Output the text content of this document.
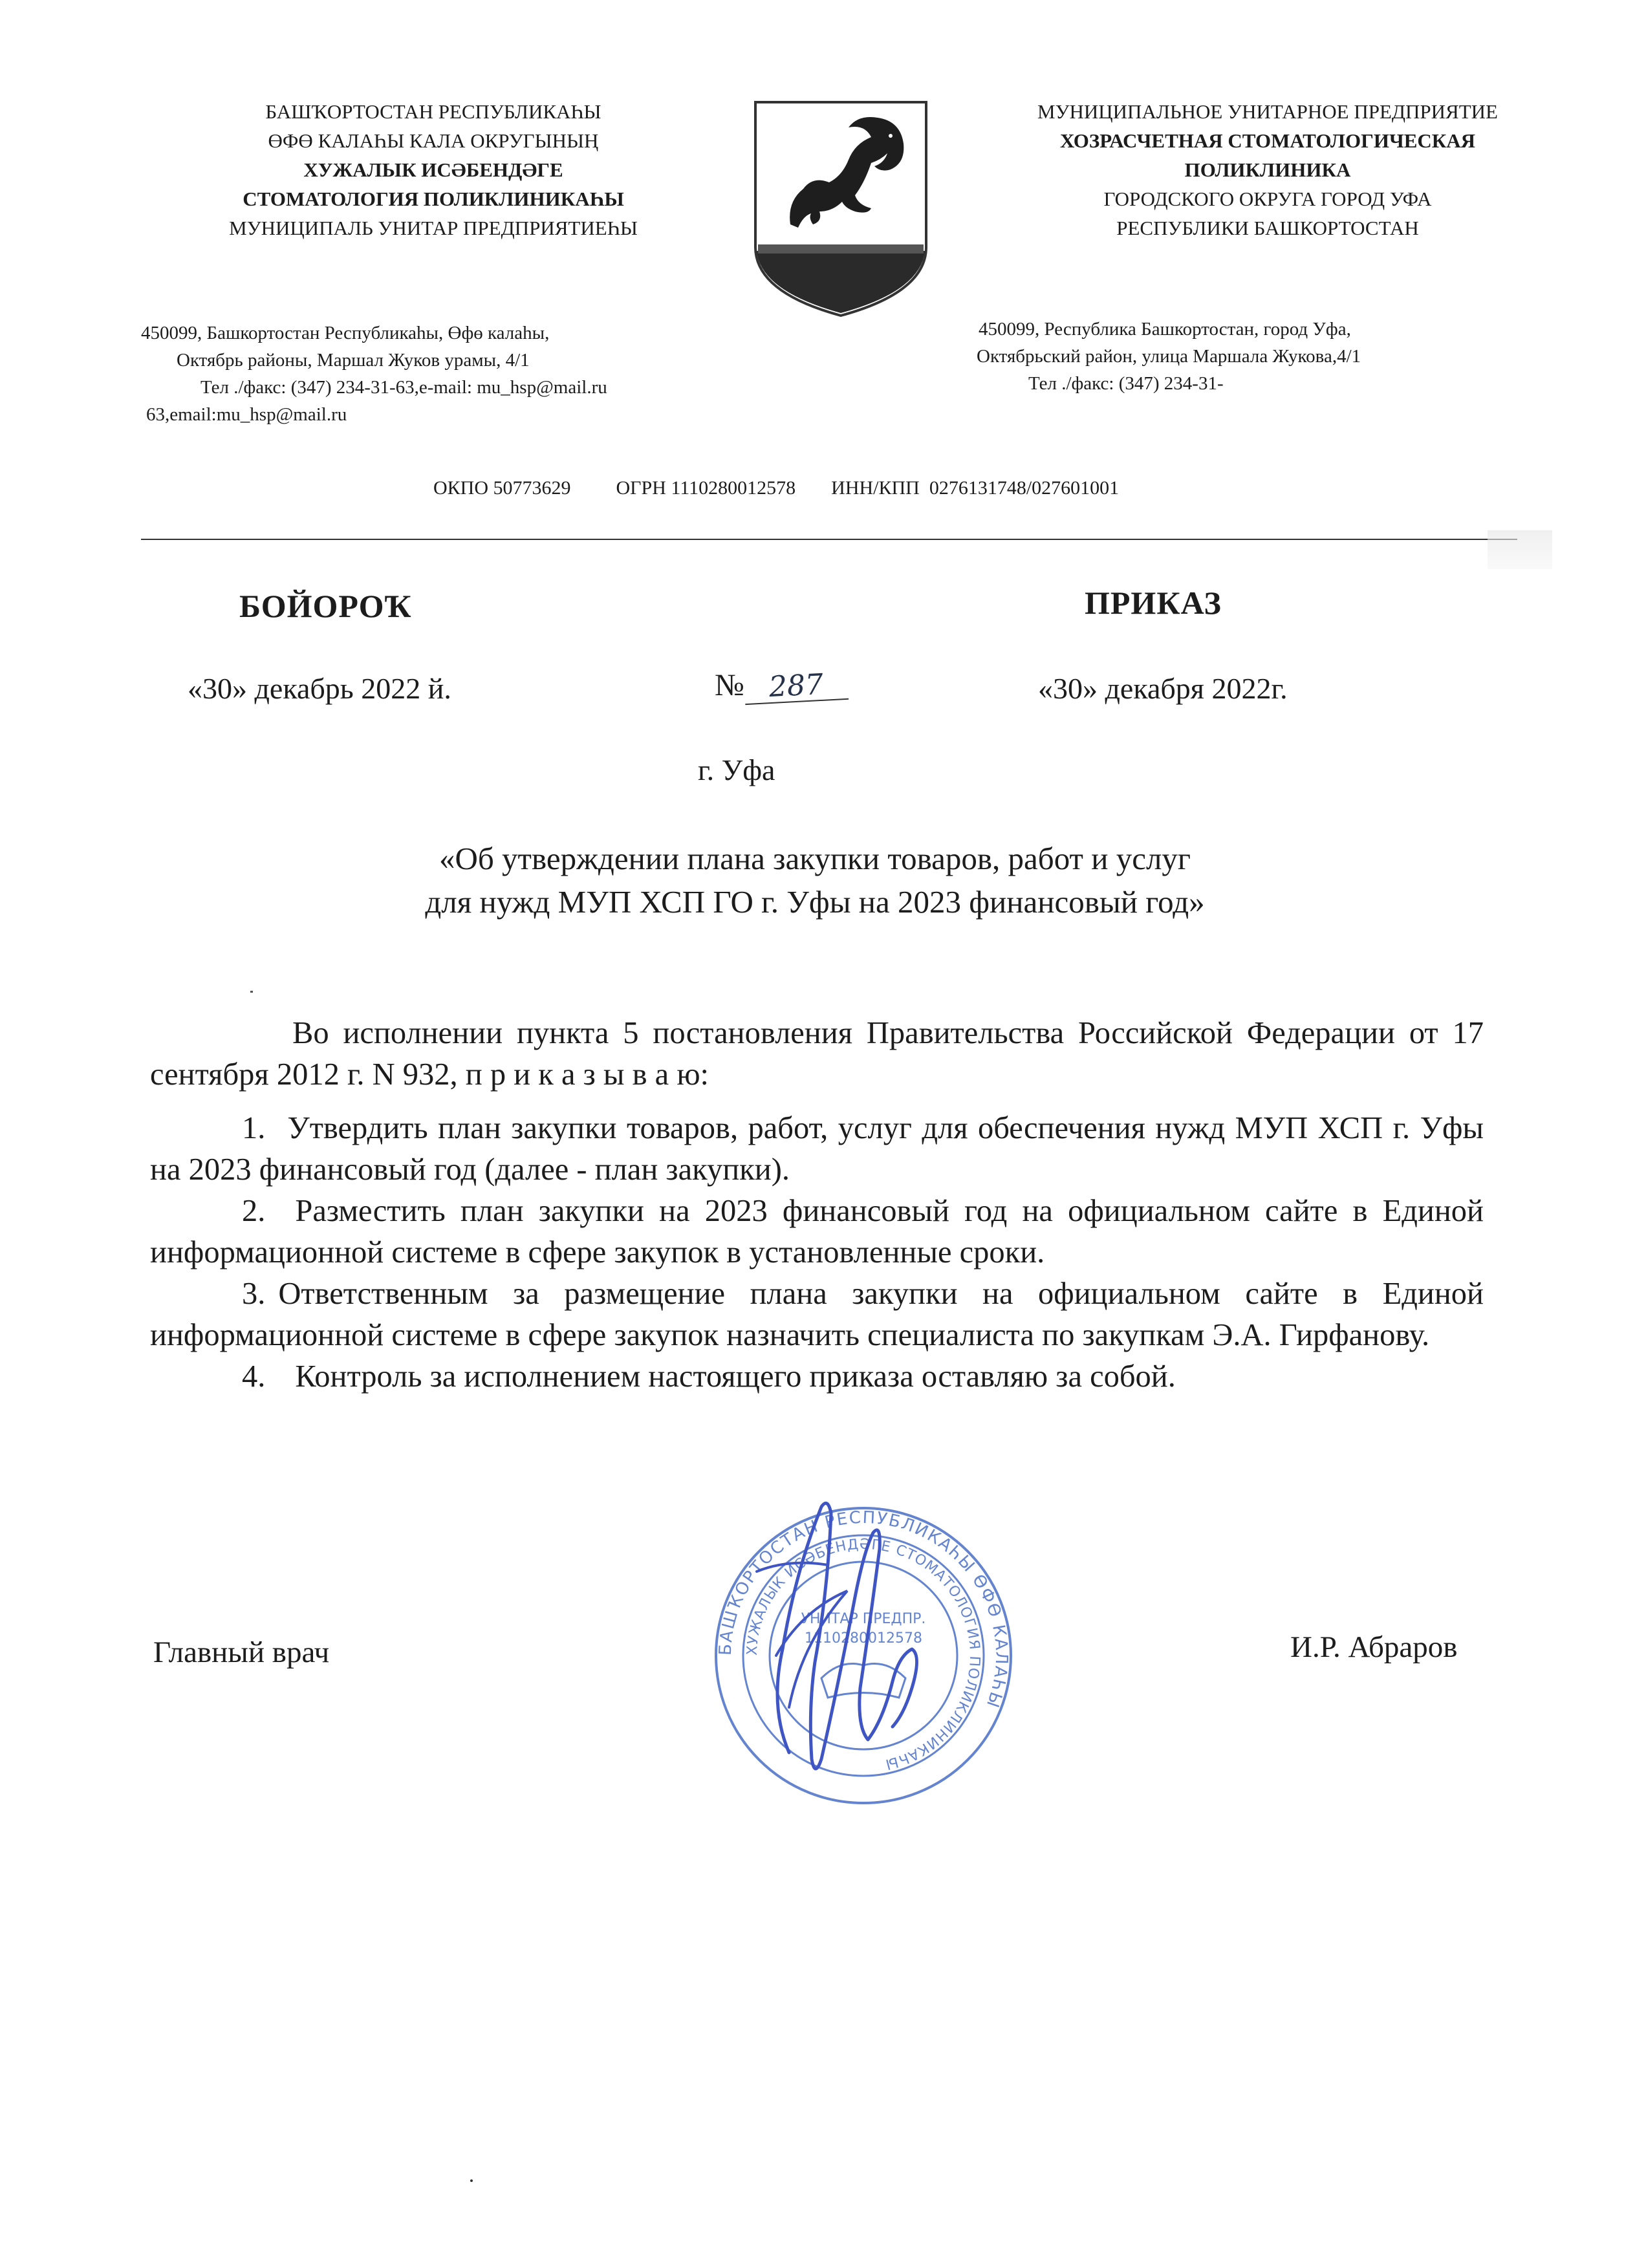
БАШҠОРТОСТАН РЕСПУБЛИКАҺЫ
ӨФӨ КАЛАҺЫ КАЛА ОКРУГЫНЫҢ
ХУЖАЛЫК ИСӘБЕНДӘГЕ
СТОМАТОЛОГИЯ ПОЛИКЛИНИКАҺЫ
МУНИЦИПАЛЬ УНИТАР ПРЕДПРИЯТИЕҺЫ
МУНИЦИПАЛЬНОЕ УНИТАРНОЕ ПРЕДПРИЯТИЕ
ХОЗРАСЧЕТНАЯ СТОМАТОЛОГИЧЕСКАЯ
ПОЛИКЛИНИКА
ГОРОДСКОГО ОКРУГА ГОРОД УФА
РЕСПУБЛИКИ БАШКОРТОСТАН
450099, Башкортостан Республикаһы, Өфө калаһы,
Октябрь районы, Маршал Жуков урамы, 4/1
Тел ./факс: (347) 234-31-63,e-mail: mu_hsp@mail.ru
63,email:mu_hsp@mail.ru
450099, Республика Башкортостан, город Уфа,
Октябрьский район, улица Маршала Жукова,4/1
Тел ./факс: (347) 234-31-

ОКПО 50773629 ОГРН 1110280012578 ИНН/КПП  0276131748/027601001

БОЙОРОҠ	ПРИКАЗ
«30» декабрь 2022 й.	№ 287	«30» декабря 2022г.
г. Уфа
«Об утверждении плана закупки товаров, работ и услуг
для нужд МУП ХСП ГО г. Уфы на 2023 финансовый год»
Во исполнении пункта 5 постановления Правительства Российской Федерации от 17 сентября 2012 г. N 932, п р и к а з ы в а ю:
1. Утвердить план закупки товаров, работ, услуг для обеспечения нужд МУП ХСП г. Уфы на 2023 финансовый год (далее - план закупки).
2. Разместить план закупки на 2023 финансовый год на официальном сайте в Единой информационной системе в сфере закупок в установленные сроки.
3. Ответственным за размещение плана закупки на официальном сайте в Единой информационной системе в сфере закупок назначить специалиста по закупкам Э.А. Гирфанову.
4. Контроль за исполнением настоящего приказа оставляю за собой.
Главный врач	И.Р. Абраров
БАШҠОРТОСТАН РЕСПУБЛИКАҺЫ ӨФӨ КАЛАҺЫ
ХУЖАЛЫК ИСӘБЕНДӘГЕ СТОМАТОЛОГИЯ ПОЛИКЛИНИКАҺЫ
УНИТАР ПРЕДПР.
1110280012578
